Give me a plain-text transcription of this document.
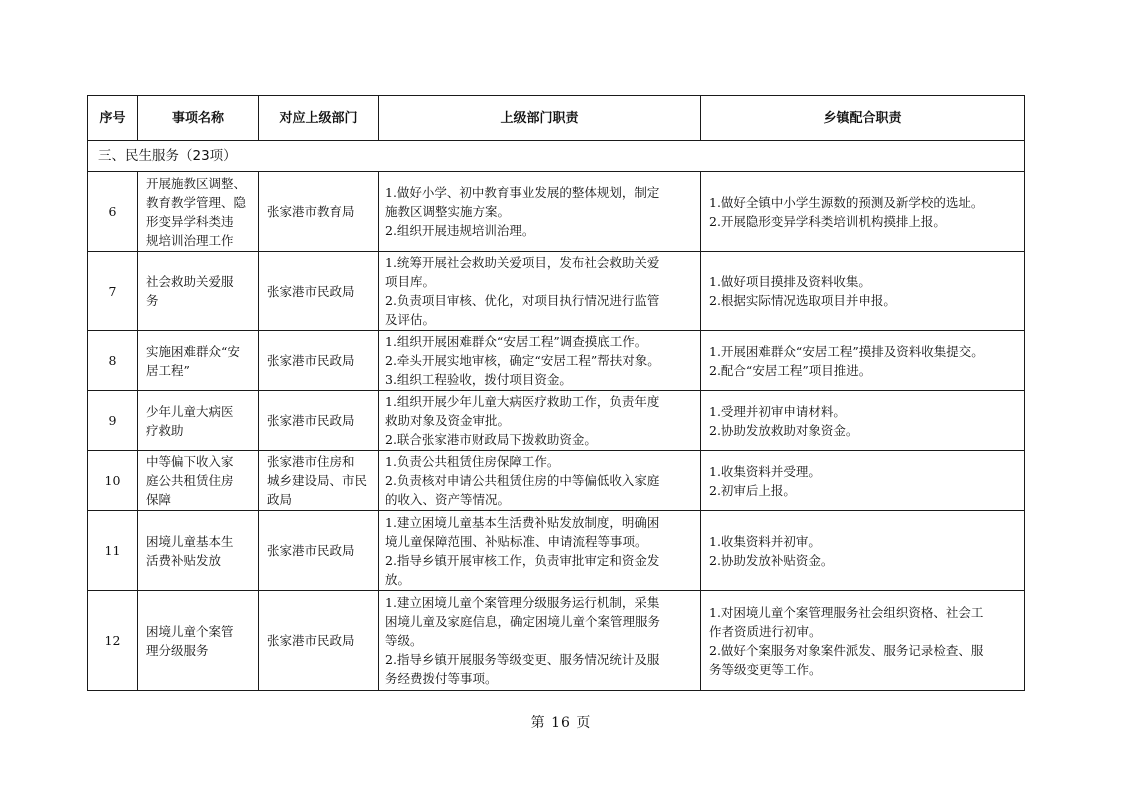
序号	事项名称	对应上级部门	上级部门职责	乡镇配合职责
三、民生服务（23项）				
6	开展施教区调整、
教育教学管理、隐
形变异学科类违
规培训治理工作	张家港市教育局	1.做好小学、初中教育事业发展的整体规划，制定
施教区调整实施方案。
2.组织开展违规培训治理。	1.做好全镇中小学生源数的预测及新学校的选址。
2.开展隐形变异学科类培训机构摸排上报。

7	社会救助关爱服
务	张家港市民政局	1.统筹开展社会救助关爱项目，发布社会救助关爱
项目库。
2.负责项目审核、优化，对项目执行情况进行监管
及评估。	1.做好项目摸排及资料收集。
2.根据实际情况选取项目并申报。

8	实施困难群众“安
居工程”	张家港市民政局	1.组织开展困难群众“安居工程”调查摸底工作。
2.牵头开展实地审核，确定“安居工程”帮扶对象。
3.组织工程验收，拨付项目资金。	1.开展困难群众“安居工程”摸排及资料收集提交。
2.配合“安居工程”项目推进。

9	少年儿童大病医
疗救助	张家港市民政局	1.组织开展少年儿童大病医疗救助工作，负责年度
救助对象及资金审批。
2.联合张家港市财政局下拨救助资金。	1.受理并初审申请材料。
2.协助发放救助对象资金。

10	中等偏下收入家
庭公共租赁住房
保障	张家港市住房和
城乡建设局、市民
政局	1.负责公共租赁住房保障工作。
2.负责核对申请公共租赁住房的中等偏低收入家庭
的收入、资产等情况。	1.收集资料并受理。
2.初审后上报。

11	困境儿童基本生
活费补贴发放	张家港市民政局	1.建立困境儿童基本生活费补贴发放制度，明确困
境儿童保障范围、补贴标准、申请流程等事项。
2.指导乡镇开展审核工作，负责审批审定和资金发
放。	1.收集资料并初审。
2.协助发放补贴资金。

12	困境儿童个案管
理分级服务	张家港市民政局	1.建立困境儿童个案管理分级服务运行机制，采集
困境儿童及家庭信息，确定困境儿童个案管理服务
等级。
2.指导乡镇开展服务等级变更、服务情况统计及服
务经费拨付等事项。	1.对困境儿童个案管理服务社会组织资格、社会工
作者资质进行初审。
2.做好个案服务对象案件派发、服务记录检查、服
务等级变更等工作。
第 16 页
